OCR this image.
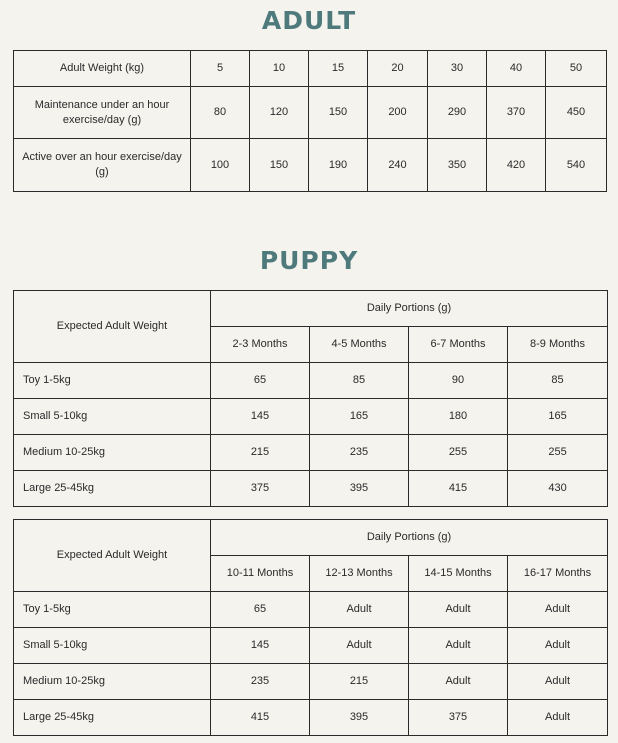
ADULT
Adult Weight (kg)	5	10	15	20	30	40	50
Maintenance under an hour exercise/day (g)	80	120	150	200	290	370	450
Active over an hour exercise/day (g)	100	150	190	240	350	420	540
PUPPY
Expected Adult Weight	Daily Portions (g)			
	2-3 Months	4-5 Months	6-7 Months	8-9 Months
Toy 1-5kg	65	85	90	85
Small 5-10kg	145	165	180	165
Medium 10-25kg	215	235	255	255
Large 25-45kg	375	395	415	430
Expected Adult Weight	Daily Portions (g)			
	10-11 Months	12-13 Months	14-15 Months	16-17 Months
Toy 1-5kg	65	Adult	Adult	Adult
Small 5-10kg	145	Adult	Adult	Adult
Medium 10-25kg	235	215	Adult	Adult
Large 25-45kg	415	395	375	Adult
